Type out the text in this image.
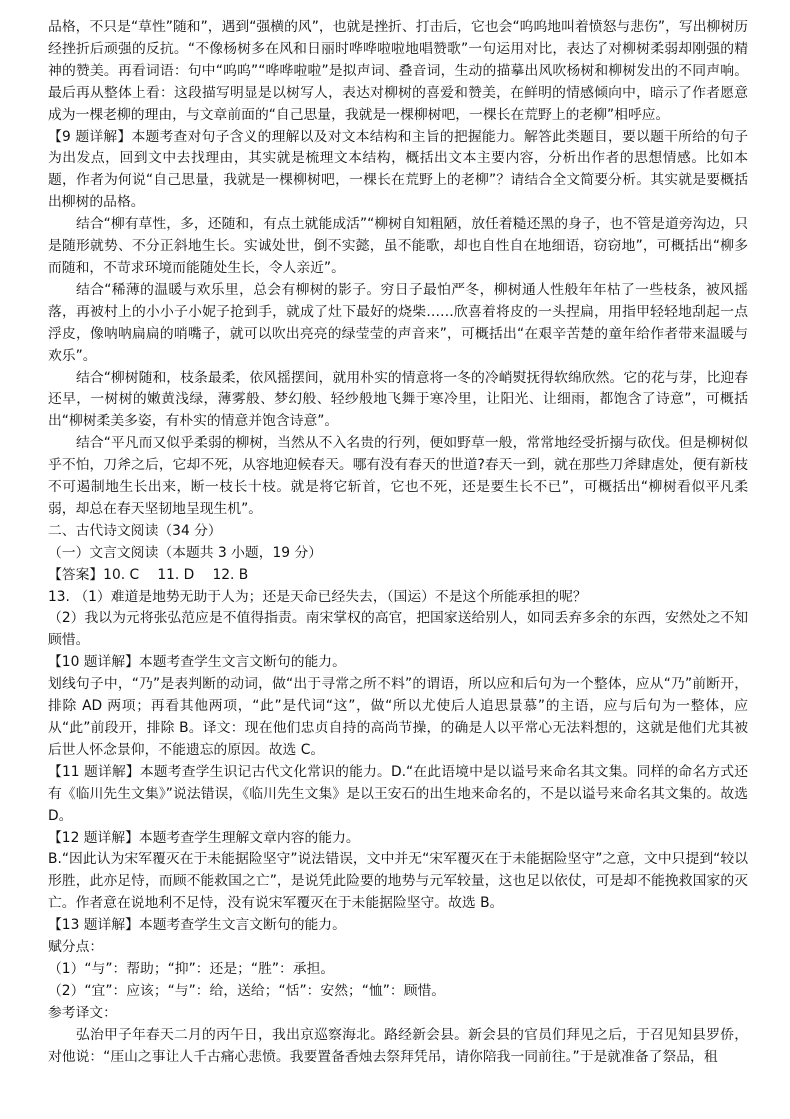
品格，不只是“草性”随和”，遇到“强横的风”，也就是挫折、打击后，它也会“呜呜地叫着愤怒与悲伤”，写出柳树历经挫折后顽强的反抗。“不像杨树多在风和日丽时哗哗啦啦地唱赞歌”一句运用对比，表达了对柳树柔弱却刚强的精神的赞美。再看词语：句中“呜呜”“哗哗啦啦”是拟声词、叠音词，生动的描摹出风吹杨树和柳树发出的不同声响。最后再从整体上看：这段描写明显是以树写人，表达对柳树的喜爱和赞美，在鲜明的情感倾向中，暗示了作者愿意成为一棵老柳的理由，与文章前面的“自己思量，我就是一棵柳树吧，一棵长在荒野上的老柳”相呼应。

【9 题详解】本题考查对句子含义的理解以及对文本结构和主旨的把握能力。解答此类题目，要以题干所给的句子为出发点，回到文中去找理由，其实就是梳理文本结构，概括出文本主要内容，分析出作者的思想情感。比如本题，作者为何说“自己思量，我就是一棵柳树吧，一棵长在荒野上的老柳”？请结合全文简要分析。其实就是要概括出柳树的品格。

结合“柳有草性，多，还随和，有点土就能成活”“柳树自知粗陋，放任着糙还黑的身子，也不管是道旁沟边，只是随形就势、不分正斜地生长。实诚处世，倒不实懿，虽不能歌，却也自性自在地细语，窃窃地”，可概括出“柳多而随和，不苛求环境而能随处生长，令人亲近”。

结合“稀薄的温暖与欢乐里，总会有柳树的影子。穷日子最怕严冬，柳树通人性般年年枯了一些枝条，被风摇落，再被村上的小小子小妮子抢到手，就成了灶下最好的烧柴……欣喜着将皮的一头捏扁，用指甲轻轻地刮起一点浮皮，像呐呐扁扁的哨嘴子，就可以吹出亮亮的绿莹莹的声音来”，可概括出“在艰辛苦楚的童年给作者带来温暖与欢乐”。

结合“柳树随和，枝条最柔，依风摇摆间，就用朴实的情意将一冬的冷峭熨抚得软绵欣然。它的花与芽，比迎春还早，一树树的嫩黄浅绿，薄雾般、梦幻般、轻纱般地飞舞于寒冷里，让阳光、让细雨，都饱含了诗意”，可概括出“柳树柔美多姿，有朴实的情意并饱含诗意”。

结合“平凡而又似乎柔弱的柳树，当然从不入名贵的行列，便如野草一般，常常地经受折搦与砍伐。但是柳树似乎不怕，刀斧之后，它却不死，从容地迎候春天。哪有没有春天的世道?春天一到，就在那些刀斧肆虐处，便有新枝不可遏制地生长出来，断一枝长十枝。就是将它斩首，它也不死，还是要生长不已”，可概括出“柳树看似平凡柔弱，却总在春天坚韧地呈现生机”。

二、古代诗文阅读（34 分）

（一）文言文阅读（本题共 3 小题，19 分）

【答案】10. C　 11. D　 12. B

13. （1）难道是地势无助于人为；还是天命已经失去，（国运）不是这个所能承担的呢？

（2）我以为元将张弘范应是不值得指责。南宋掌权的高官，把国家送给别人，如同丢弃多余的东西，安然处之不知顾惜。

【10 题详解】本题考查学生文言文断句的能力。

划线句子中，“乃”是表判断的动词，做“出于寻常之所不料”的谓语，所以应和后句为一个整体，应从“乃”前断开，排除 AD 两项；再看其他两项，“此”是代词“这”，做“所以尤使后人追思景慕”的主语，应与后句为一整体，应从“此”前段开，排除 B。译文：现在他们忠贞自持的高尚节操，的确是人以平常心无法料想的，这就是他们尤其被后世人怀念景仰，不能遗忘的原因。故选 C。

【11 题详解】本题考查学生识记古代文化常识的能力。D.“在此语境中是以谥号来命名其文集。同样的命名方式还有《临川先生文集》”说法错误，《临川先生文集》是以王安石的出生地来命名的，不是以谥号来命名其文集的。故选 D。

【12 题详解】本题考查学生理解文章内容的能力。

B.“因此认为宋军覆灭在于未能据险坚守”说法错误，文中并无“宋军覆灭在于未能据险坚守”之意，文中只提到“较以形胜，此亦足恃，而顾不能救国之亡”，是说凭此险要的地势与元军较量，这也足以依仗，可是却不能挽救国家的灭亡。作者意在说地利不足恃，没有说宋军覆灭在于未能据险坚守。故选 B。

【13 题详解】本题考查学生文言文断句的能力。

赋分点：

（1）“与”：帮助；“抑”：还是；“胜”：承担。

（2）“宜”：应该；“与”：给，送给；“恬”：安然；“恤”：顾惜。

参考译文：

弘治甲子年春天二月的丙午日，我出京巡察海北。路经新会县。新会县的官员们拜见之后，于召见知县罗侨，对他说：“厓山之事让人千古痛心悲愤。我要置备香烛去祭拜凭吊，请你陪我一同前往。”于是就准备了祭品，租
